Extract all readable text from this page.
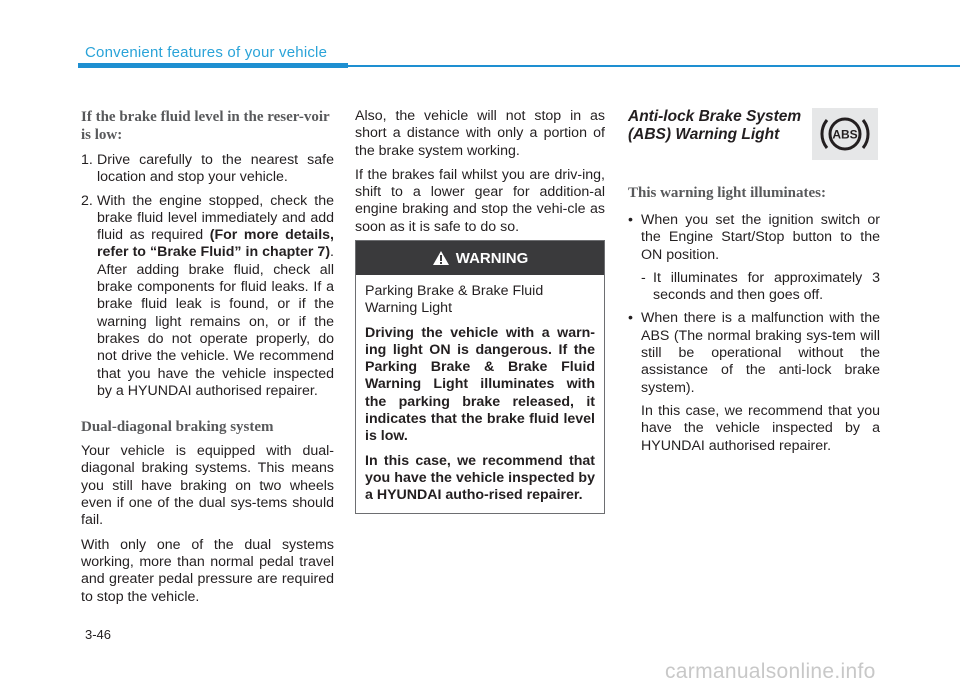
Convenient features of your vehicle
If the brake fluid level in the reser-voir is low:
1. Drive carefully to the nearest safe location and stop your vehicle.
2. With the engine stopped, check the brake fluid level immediately and add fluid as required (For more details, refer to “Brake Fluid” in chapter 7). After adding brake fluid, check all brake components for fluid leaks. If a brake fluid leak is found, or if the warning light remains on, or if the brakes do not operate properly, do not drive the vehicle. We recommend that you have the vehicle inspected by a HYUNDAI authorised repairer.
Dual-diagonal braking system

Your vehicle is equipped with dual-diagonal braking systems. This means you still have braking on two wheels even if one of the dual sys-tems should fail.

With only one of the dual systems working, more than normal pedal travel and greater pedal pressure are required to stop the vehicle.

Also, the vehicle will not stop in as short a distance with only a portion of the brake system working.

If the brakes fail whilst you are driv-ing, shift to a lower gear for addition-al engine braking and stop the vehi-cle as soon as it is safe to do so.

WARNING

Parking Brake & Brake Fluid Warning Light

Driving the vehicle with a warn-ing light ON is dangerous. If the Parking Brake & Brake Fluid Warning Light illuminates with the parking brake released, it indicates that the brake fluid level is low.

In this case, we recommend that you have the vehicle inspected by a HYUNDAI autho-rised repairer.

Anti-lock Brake System (ABS) Warning Light
This warning light illuminates:
• When you set the ignition switch or the Engine Start/Stop button to the ON position.
- It illuminates for approximately 3 seconds and then goes off.
• When there is a malfunction with the ABS (The normal braking sys-tem will still be operational without the assistance of the anti-lock brake system).

In this case, we recommend that you have the vehicle inspected by a HYUNDAI authorised repairer.

ABS
3-46
carmanualsonline.info
